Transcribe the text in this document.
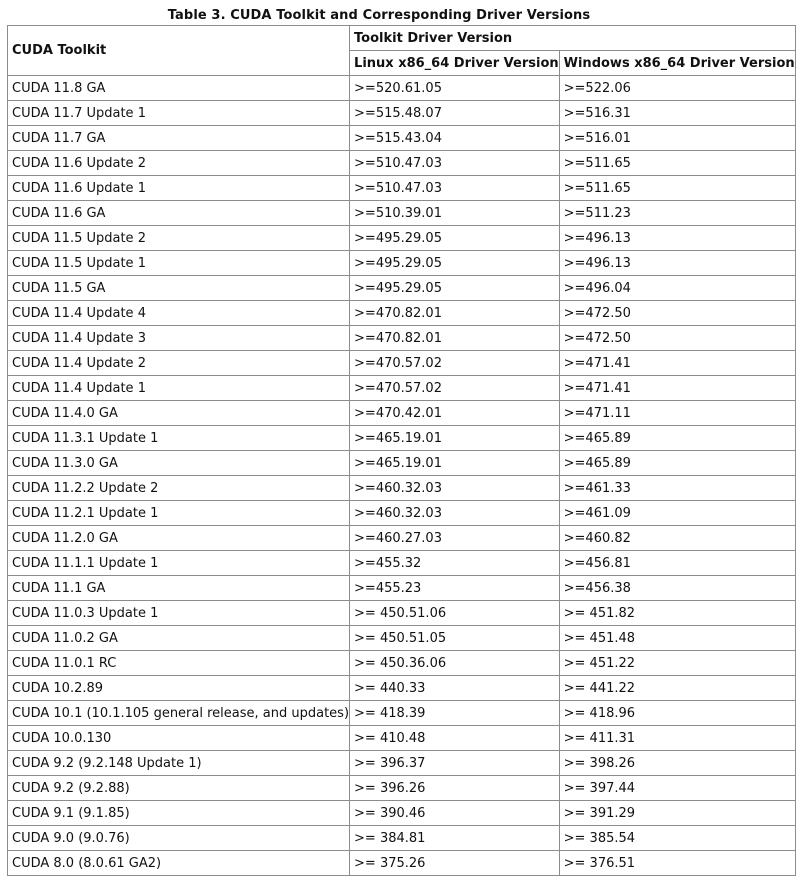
Table 3. CUDA Toolkit and Corresponding Driver Versions
CUDA Toolkit	Toolkit Driver Version	
	Linux x86_64 Driver Version	Windows x86_64 Driver Version
CUDA 11.8 GA	>=520.61.05	>=522.06
CUDA 11.7 Update 1	>=515.48.07	>=516.31
CUDA 11.7 GA	>=515.43.04	>=516.01
CUDA 11.6 Update 2	>=510.47.03	>=511.65
CUDA 11.6 Update 1	>=510.47.03	>=511.65
CUDA 11.6 GA	>=510.39.01	>=511.23
CUDA 11.5 Update 2	>=495.29.05	>=496.13
CUDA 11.5 Update 1	>=495.29.05	>=496.13
CUDA 11.5 GA	>=495.29.05	>=496.04
CUDA 11.4 Update 4	>=470.82.01	>=472.50
CUDA 11.4 Update 3	>=470.82.01	>=472.50
CUDA 11.4 Update 2	>=470.57.02	>=471.41
CUDA 11.4 Update 1	>=470.57.02	>=471.41
CUDA 11.4.0 GA	>=470.42.01	>=471.11
CUDA 11.3.1 Update 1	>=465.19.01	>=465.89
CUDA 11.3.0 GA	>=465.19.01	>=465.89
CUDA 11.2.2 Update 2	>=460.32.03	>=461.33
CUDA 11.2.1 Update 1	>=460.32.03	>=461.09
CUDA 11.2.0 GA	>=460.27.03	>=460.82
CUDA 11.1.1 Update 1	>=455.32	>=456.81
CUDA 11.1 GA	>=455.23	>=456.38
CUDA 11.0.3 Update 1	>= 450.51.06	>= 451.82
CUDA 11.0.2 GA	>= 450.51.05	>= 451.48
CUDA 11.0.1 RC	>= 450.36.06	>= 451.22
CUDA 10.2.89	>= 440.33	>= 441.22
CUDA 10.1 (10.1.105 general release, and updates)	>= 418.39	>= 418.96
CUDA 10.0.130	>= 410.48	>= 411.31
CUDA 9.2 (9.2.148 Update 1)	>= 396.37	>= 398.26
CUDA 9.2 (9.2.88)	>= 396.26	>= 397.44
CUDA 9.1 (9.1.85)	>= 390.46	>= 391.29
CUDA 9.0 (9.0.76)	>= 384.81	>= 385.54
CUDA 8.0 (8.0.61 GA2)	>= 375.26	>= 376.51
